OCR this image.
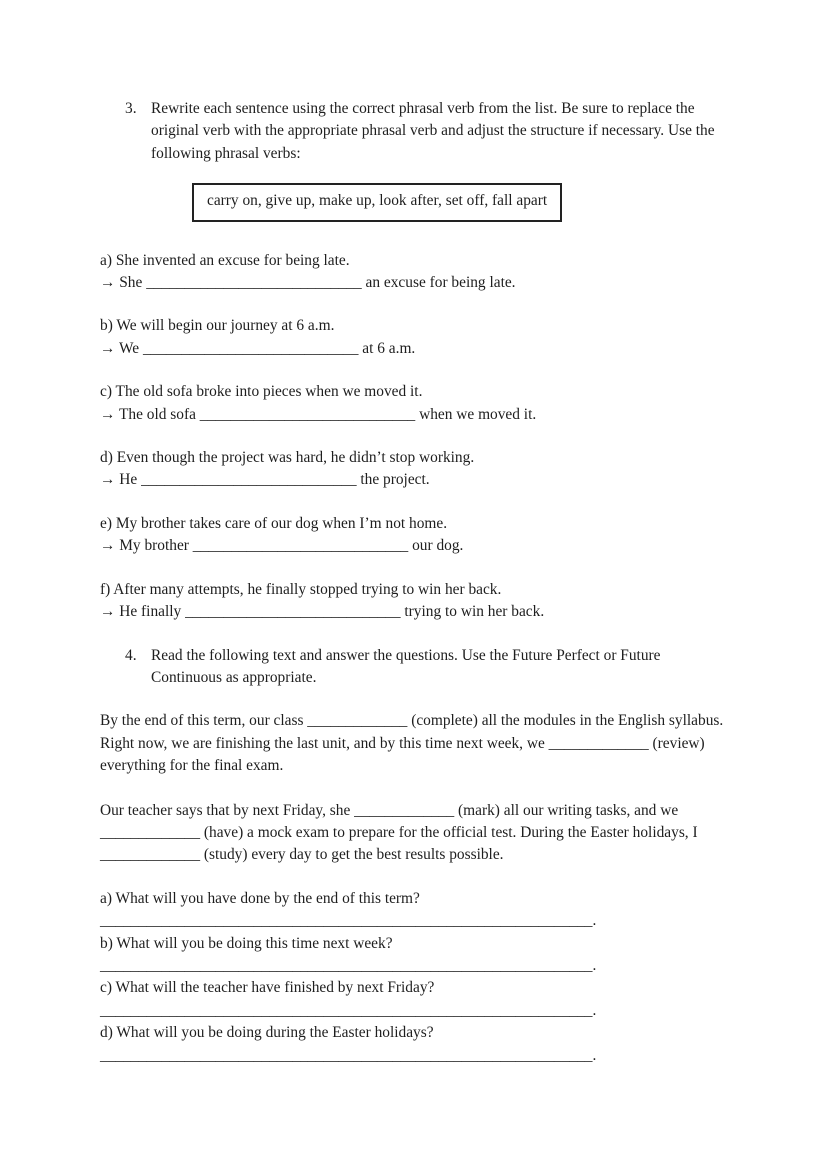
3. Rewrite each sentence using the correct phrasal verb from the list. Be sure to replace the original verb with the appropriate phrasal verb and adjust the structure if necessary. Use the following phrasal verbs:
carry on, give up, make up, look after, set off, fall apart
a) She invented an excuse for being late.
→ She ____________________________ an excuse for being late.
b) We will begin our journey at 6 a.m.
→ We ____________________________ at 6 a.m.
c) The old sofa broke into pieces when we moved it.
→ The old sofa ____________________________ when we moved it.
d) Even though the project was hard, he didn’t stop working.
→ He ____________________________ the project.
e) My brother takes care of our dog when I’m not home.
→ My brother ____________________________ our dog.
f) After many attempts, he finally stopped trying to win her back.
→ He finally ____________________________ trying to win her back.
4. Read the following text and answer the questions. Use the Future Perfect or Future Continuous as appropriate.

By the end of this term, our class _____________ (complete) all the modules in the English syllabus. Right now, we are finishing the last unit, and by this time next week, we _____________ (review) everything for the final exam.

Our teacher says that by next Friday, she _____________ (mark) all our writing tasks, and we _____________ (have) a mock exam to prepare for the official test. During the Easter holidays, I _____________ (study) every day to get the best results possible.

a) What will you have done by the end of this term?
________________________________________________________________.
b) What will you be doing this time next week?
________________________________________________________________.
c) What will the teacher have finished by next Friday?
________________________________________________________________.
d) What will you be doing during the Easter holidays?
________________________________________________________________.
